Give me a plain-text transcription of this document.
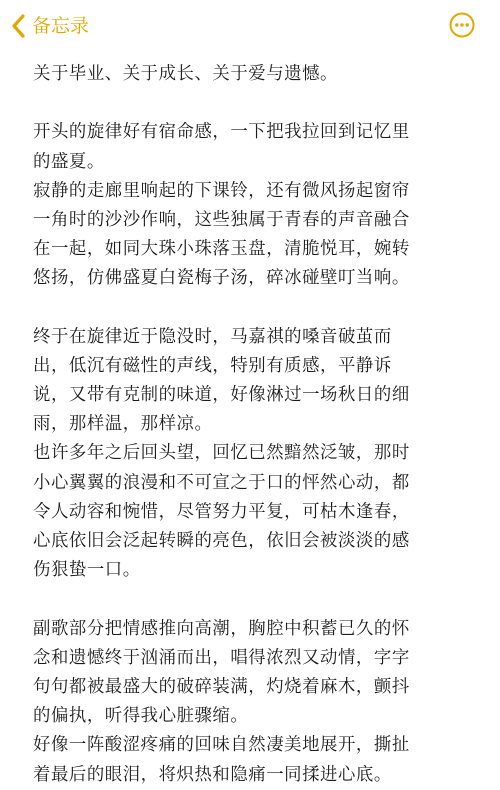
备忘录
关于毕业、关于成长、关于爱与遗憾。
开头的旋律好有宿命感，一下把我拉回到记忆里
的盛夏。
寂静的走廊里响起的下课铃，还有微风扬起窗帘
一角时的沙沙作响，这些独属于青春的声音融合
在一起，如同大珠小珠落玉盘，清脆悦耳，婉转
悠扬，仿佛盛夏白瓷梅子汤，碎冰碰壁叮当响。
终于在旋律近于隐没时，马嘉祺的嗓音破茧而
出，低沉有磁性的声线，特别有质感，平静诉
说，又带有克制的味道，好像淋过一场秋日的细
雨，那样温，那样凉。
也许多年之后回头望，回忆已然黯然泛皱，那时
小心翼翼的浪漫和不可宣之于口的怦然心动，都
令人动容和惋惜，尽管努力平复，可枯木逢春，
心底依旧会泛起转瞬的亮色，依旧会被淡淡的感
伤狠蛰一口。
副歌部分把情感推向高潮，胸腔中积蓄已久的怀
念和遗憾终于汹涌而出，唱得浓烈又动情，字字
句句都被最盛大的破碎装满，灼烧着麻木，颤抖
的偏执，听得我心脏骤缩。
好像一阵酸涩疼痛的回味自然凄美地展开，撕扯
着最后的眼泪，将炽热和隐痛一同揉进心底。
